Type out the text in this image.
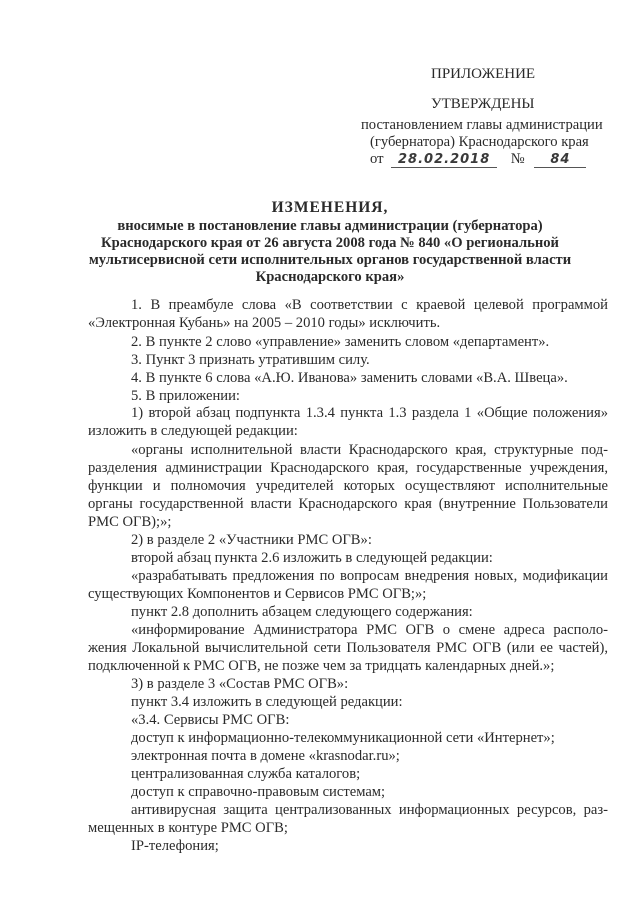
ПРИЛОЖЕНИЕ
УТВЕРЖДЕНЫ
постановлением главы администрации
(губернатора) Краснодарского края
от 28.02.2018 № 84
ИЗМЕНЕНИЯ,
вносимые в постановление главы администрации (губернатора)
Краснодарского края от 26 августа 2008 года № 840 «О региональной
мультисервисной сети исполнительных органов государственной власти
Краснодарского края»
1. В преамбуле слова «В соответствии с краевой целевой программой
«Электронная Кубань» на 2005 – 2010 годы» исключить.
2. В пункте 2 слово «управление» заменить словом «департамент».
3. Пункт 3 признать утратившим силу.
4. В пункте 6 слова «А.Ю. Иванова» заменить словами «В.А. Швеца».
5. В приложении:
1) второй абзац подпункта 1.3.4 пункта 1.3 раздела 1 «Общие положения»
изложить в следующей редакции:
«органы исполнительной власти Краснодарского края, структурные под-
разделения администрации Краснодарского края, государственные учреждения,
функции и полномочия учредителей которых осуществляют исполнительные
органы государственной власти Краснодарского края (внутренние Пользователи
РМС ОГВ);»;
2) в разделе 2 «Участники РМС ОГВ»:
второй абзац пункта 2.6 изложить в следующей редакции:
«разрабатывать предложения по вопросам внедрения новых, модификации
существующих Компонентов и Сервисов РМС ОГВ;»;
пункт 2.8 дополнить абзацем следующего содержания:
«информирование Администратора РМС ОГВ о смене адреса располо-
жения Локальной вычислительной сети Пользователя РМС ОГВ (или ее частей),
подключенной к РМС ОГВ, не позже чем за тридцать календарных дней.»;
3) в разделе 3 «Состав РМС ОГВ»:
пункт 3.4 изложить в следующей редакции:
«3.4. Сервисы РМС ОГВ:
доступ к информационно-телекоммуникационной сети «Интернет»;
электронная почта в домене «krasnodar.ru»;
централизованная служба каталогов;
доступ к справочно-правовым системам;
антивирусная защита централизованных информационных ресурсов, раз-
мещенных в контуре РМС ОГВ;
IP-телефония;
